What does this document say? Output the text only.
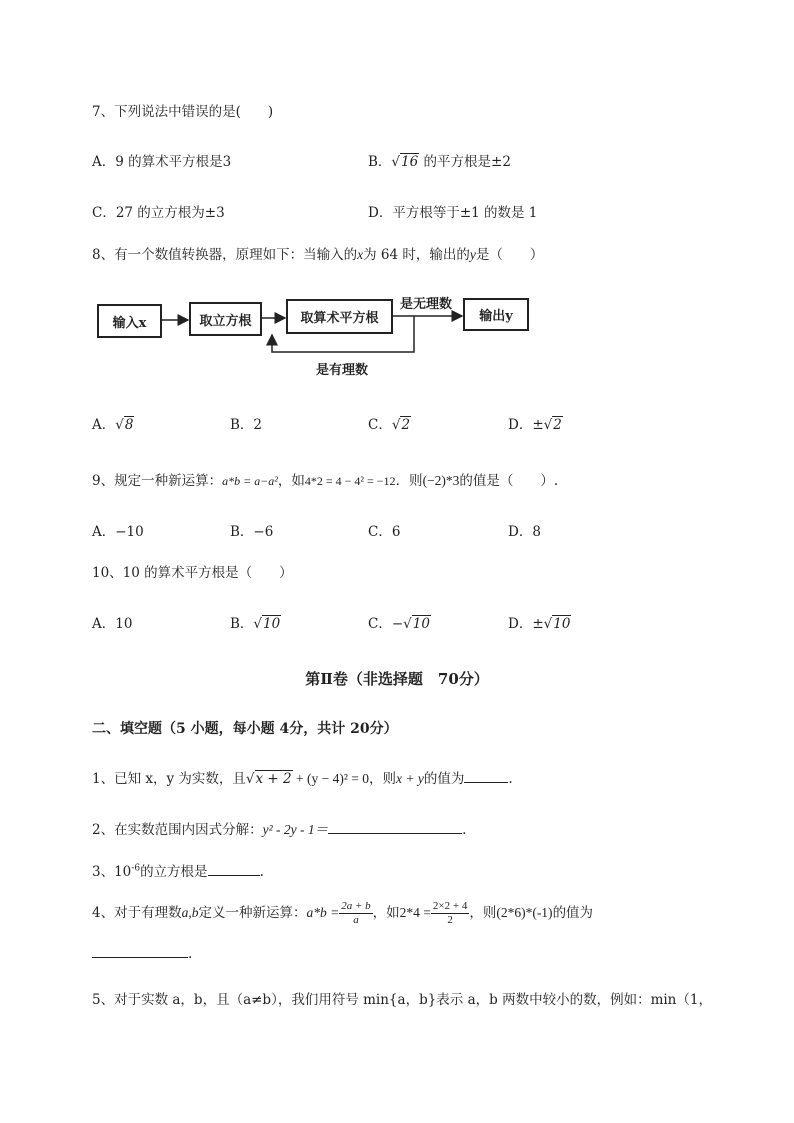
7、下列说法中错误的是(　　)
A．9 的算术平方根是3	B．√16 的平方根是±2
C．27 的立方根为±3	D．平方根等于±1 的数是 1
8、有一个数值转换器，原理如下：当输入的x为 64 时，输出的y是（　　）
输入x	取立方根	取算术平方根	输出y
是无理数
是有理数
A．√8	B．2	C．√2	D．±√2
9、规定一种新运算：a*b = a−a²，如4*2 = 4 − 4² = −12．则(−2)*3的值是（　　）.
A．−10	B．−6	C．6	D．8
10、10 的算术平方根是（　　）
A．10	B．√10	C．−√10	D．±√10
第Ⅱ卷（非选择题　70分）
二、填空题（5 小题，每小题 4分，共计 20分）
1、已知 x，y 为实数，且√x + 2 + (y − 4)² = 0，则x + y的值为	.
2、在实数范围内因式分解：y² - 2y - 1＝	.
3、$10^{-6}$的立方根是	.
4、对于有理数a,b定义一种新运算：$a*b = \frac{2a + b}{a}$ ，如$2*4 = \frac{2\times 2 + 4}{2}$ ，则(2*6)*(-1)的值为
.
5、对于实数 a，b，且（a≠b），我们用符号 min{a，b}表示 a，b 两数中较小的数，例如：min（1，
